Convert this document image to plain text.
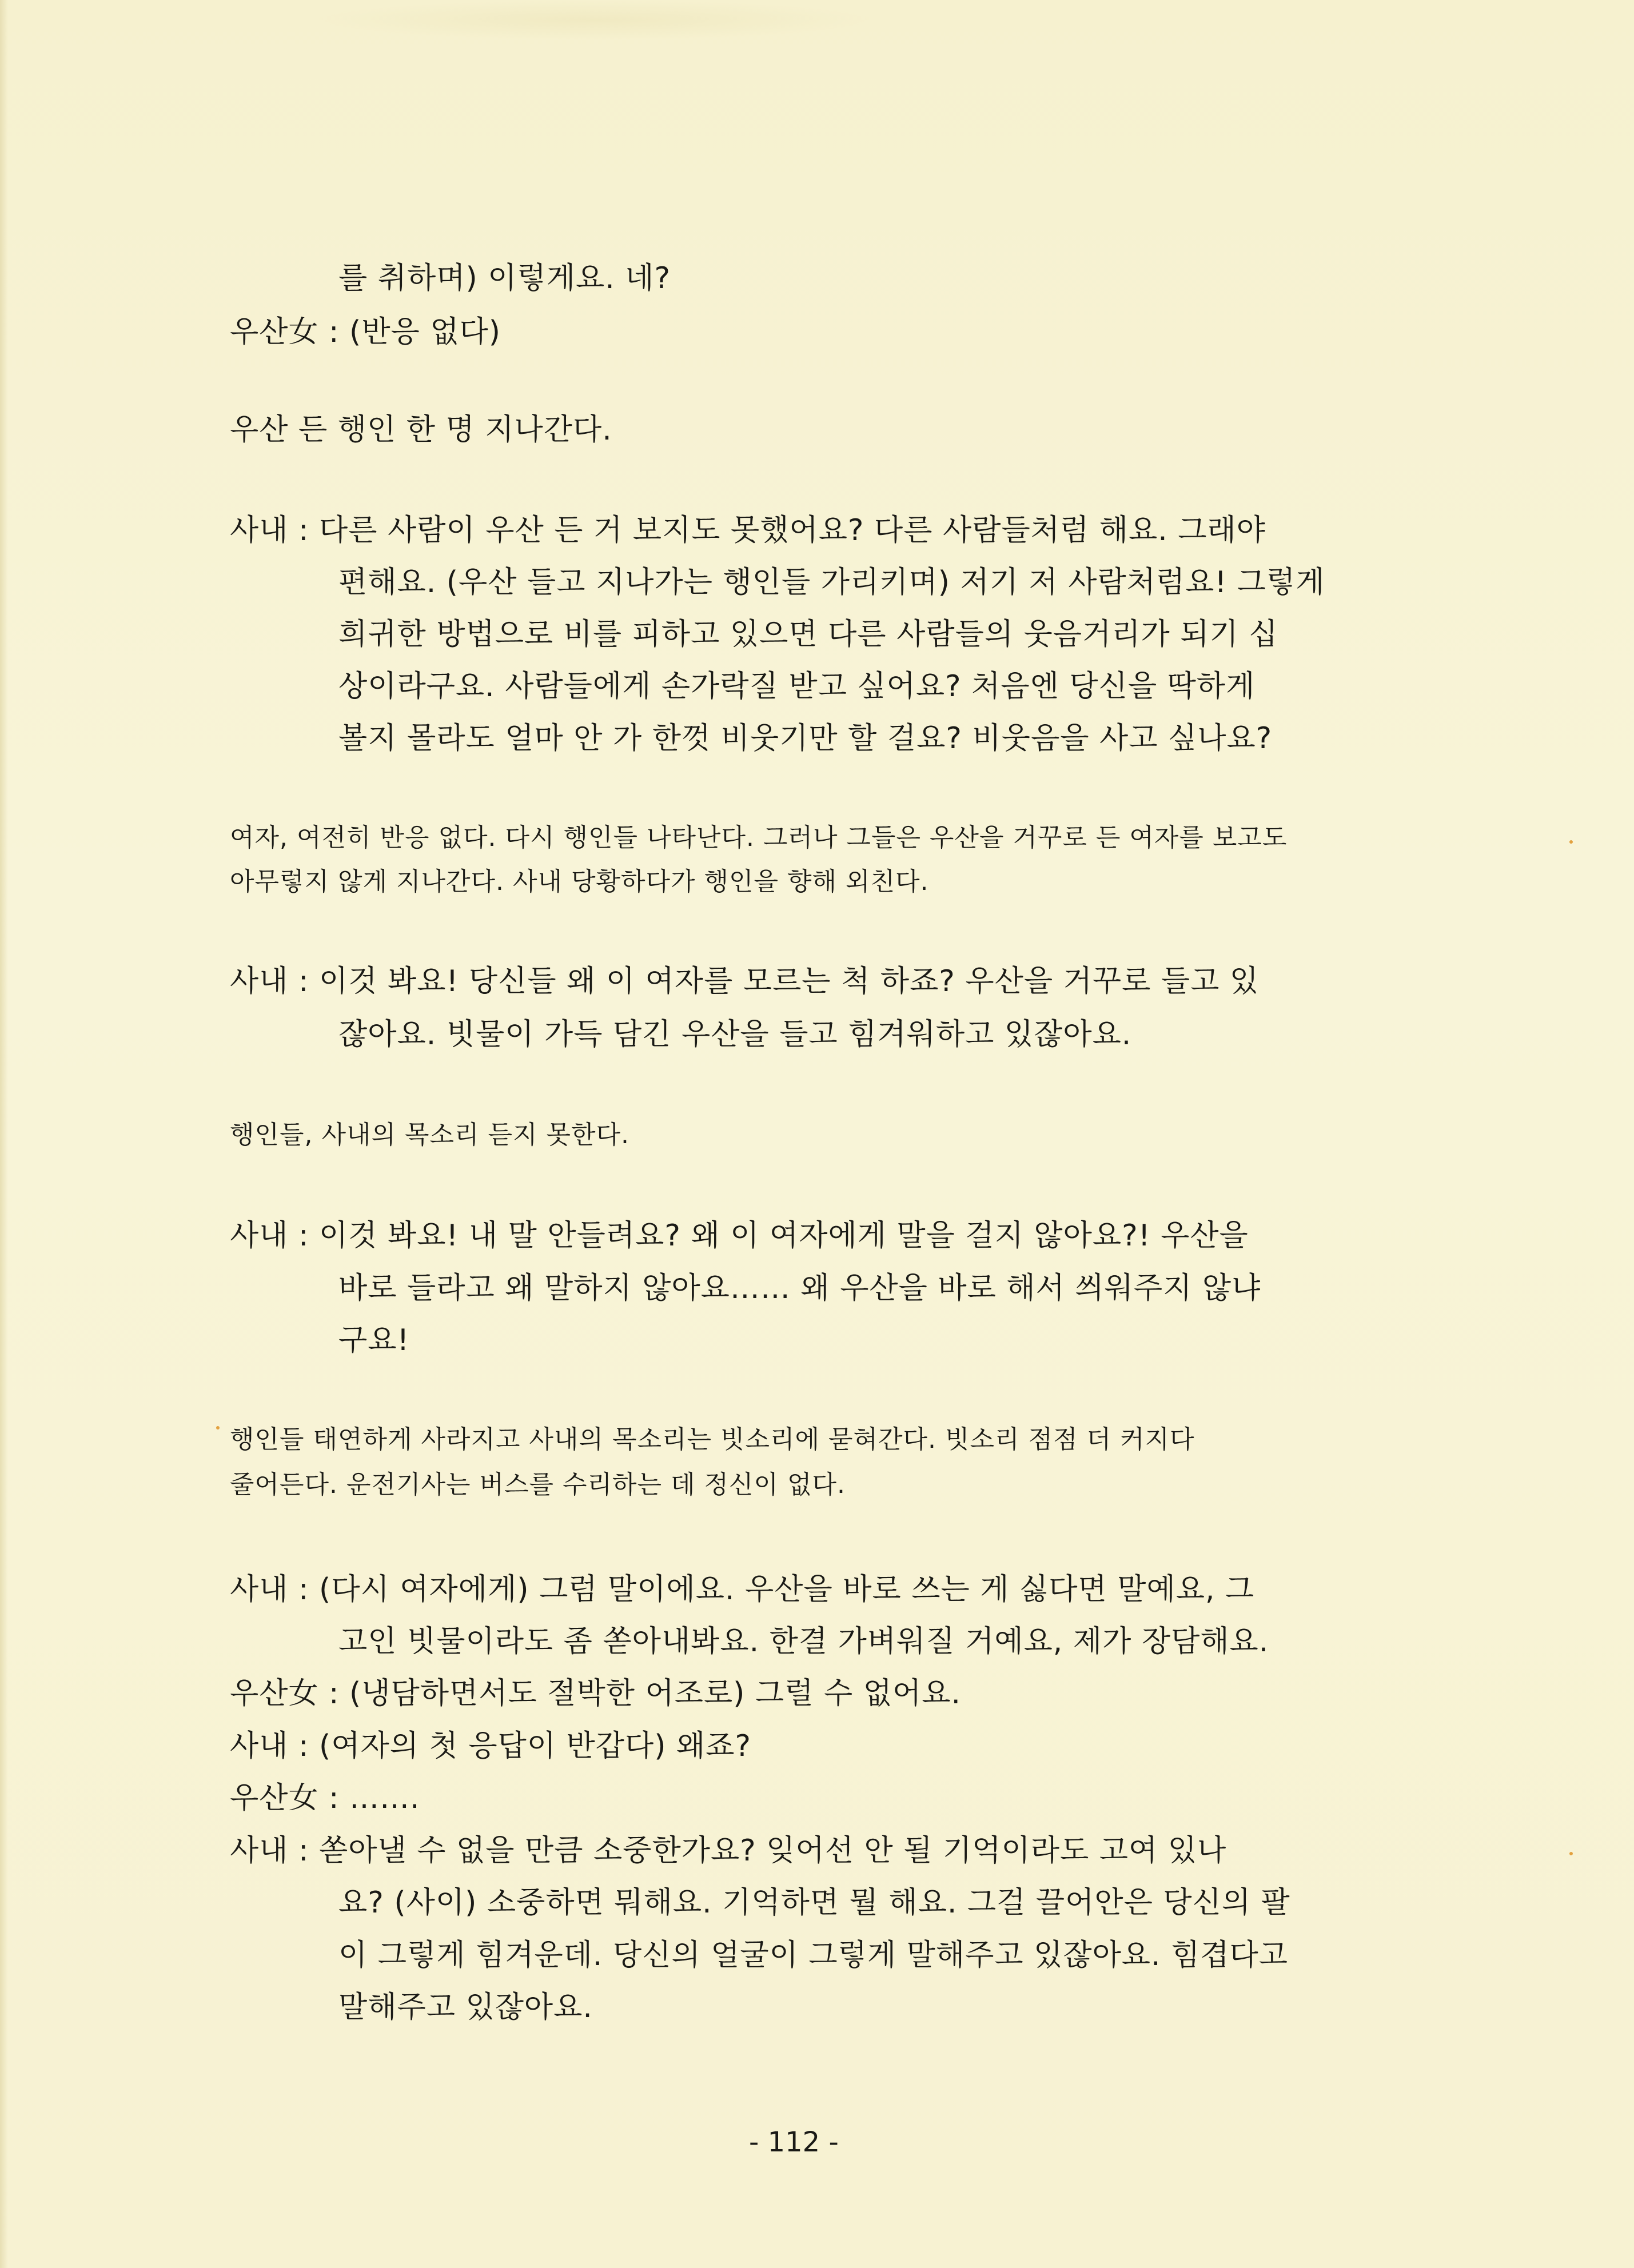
를 취하며) 이렇게요. 네?
우산女 : (반응 없다)
우산 든 행인 한 명 지나간다.
사내 : 다른 사람이 우산 든 거 보지도 못했어요? 다른 사람들처럼 해요. 그래야
편해요. (우산 들고 지나가는 행인들 가리키며) 저기 저 사람처럼요! 그렇게
희귀한 방법으로 비를 피하고 있으면 다른 사람들의 웃음거리가 되기 십
상이라구요. 사람들에게 손가락질 받고 싶어요? 처음엔 당신을 딱하게
볼지 몰라도 얼마 안 가 한껏 비웃기만 할 걸요? 비웃음을 사고 싶나요?
여자, 여전히 반응 없다. 다시 행인들 나타난다. 그러나 그들은 우산을 거꾸로 든 여자를 보고도
아무렇지 않게 지나간다. 사내 당황하다가 행인을 향해 외친다.
사내 : 이것 봐요! 당신들 왜 이 여자를 모르는 척 하죠? 우산을 거꾸로 들고 있
잖아요. 빗물이 가득 담긴 우산을 들고 힘겨워하고 있잖아요.
행인들, 사내의 목소리 듣지 못한다.
사내 : 이것 봐요! 내 말 안들려요? 왜 이 여자에게 말을 걸지 않아요?! 우산을
바로 들라고 왜 말하지 않아요…… 왜 우산을 바로 해서 씌워주지 않냐
구요!
행인들 태연하게 사라지고 사내의 목소리는 빗소리에 묻혀간다. 빗소리 점점 더 커지다
줄어든다. 운전기사는 버스를 수리하는 데 정신이 없다.
사내 : (다시 여자에게) 그럼 말이에요. 우산을 바로 쓰는 게 싫다면 말예요, 그
고인 빗물이라도 좀 쏟아내봐요. 한결 가벼워질 거예요, 제가 장담해요.
우산女 : (냉담하면서도 절박한 어조로) 그럴 수 없어요.
사내 : (여자의 첫 응답이 반갑다) 왜죠?
우산女 : …….
사내 : 쏟아낼 수 없을 만큼 소중한가요? 잊어선 안 될 기억이라도 고여 있나
요? (사이) 소중하면 뭐해요. 기억하면 뭘 해요. 그걸 끌어안은 당신의 팔
이 그렇게 힘겨운데. 당신의 얼굴이 그렇게 말해주고 있잖아요. 힘겹다고
말해주고 있잖아요.
- 112 -
